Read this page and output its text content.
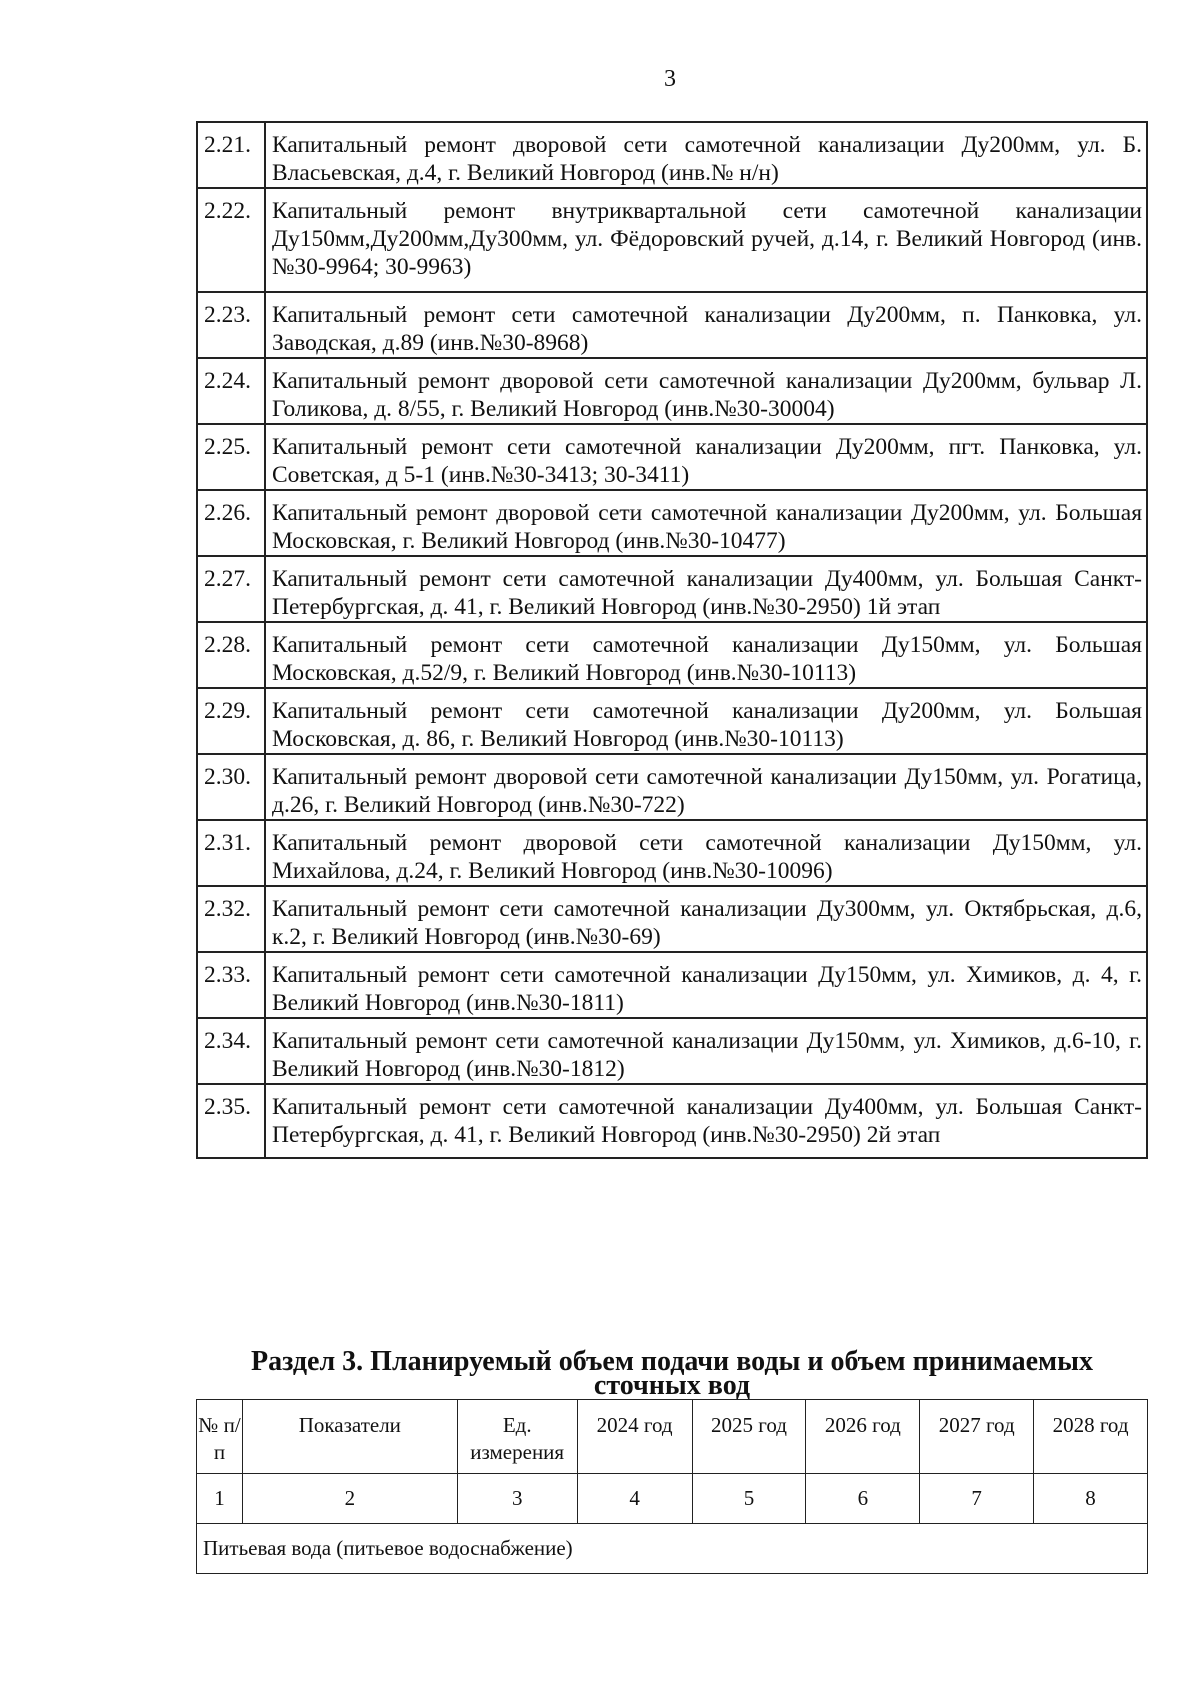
3
2.21.	Капитальный ремонт дворовой сети самотечной канализации Ду200мм, ул. Б. Власьевская, д.4, г. Великий Новгород (инв.№ н/н)
2.22.	Капитальный ремонт внутриквартальной сети самотечной канализации Ду150мм,Ду200мм,Ду300мм, ул. Фёдоровский ручей, д.14, г. Великий Новгород (инв.№30-9964; 30-9963)
2.23.	Капитальный ремонт сети самотечной канализации Ду200мм, п. Панковка, ул. Заводская, д.89 (инв.№30-8968)
2.24.	Капитальный ремонт дворовой сети самотечной канализации Ду200мм, бульвар Л. Голикова, д. 8/55, г. Великий Новгород (инв.№30-30004)
2.25.	Капитальный ремонт сети самотечной канализации Ду200мм, пгт. Панковка, ул. Советская, д 5-1 (инв.№30-3413; 30-3411)
2.26.	Капитальный ремонт дворовой сети самотечной канализации Ду200мм, ул. Большая Московская, г. Великий Новгород (инв.№30-10477)
2.27.	Капитальный ремонт сети самотечной канализации Ду400мм, ул. Большая Санкт-Петербургская, д. 41, г. Великий Новгород (инв.№30-2950) 1й этап
2.28.	Капитальный ремонт сети самотечной канализации Ду150мм, ул. Большая Московская, д.52/9, г. Великий Новгород (инв.№30-10113)
2.29.	Капитальный ремонт сети самотечной канализации Ду200мм, ул. Большая Московская, д. 86, г. Великий Новгород (инв.№30-10113)
2.30.	Капитальный ремонт дворовой сети самотечной канализации Ду150мм, ул. Рогатица, д.26, г. Великий Новгород (инв.№30-722)
2.31.	Капитальный ремонт дворовой сети самотечной канализации Ду150мм, ул. Михайлова, д.24, г. Великий Новгород (инв.№30-10096)
2.32.	Капитальный ремонт сети самотечной канализации Ду300мм, ул. Октябрьская, д.6, к.2, г. Великий Новгород (инв.№30-69)
2.33.	Капитальный ремонт сети самотечной канализации Ду150мм, ул. Химиков, д. 4, г. Великий Новгород (инв.№30-1811)
2.34.	Капитальный ремонт сети самотечной канализации Ду150мм, ул. Химиков, д.6-10, г. Великий Новгород (инв.№30-1812)
2.35.	Капитальный ремонт сети самотечной канализации Ду400мм, ул. Большая Санкт-Петербургская, д. 41, г. Великий Новгород (инв.№30-2950) 2й этап
Раздел 3. Планируемый объем подачи воды и объем принимаемых сточных вод
№ п/п	Показатели	Ед. измерения	2024 год	2025 год	2026 год	2027 год	2028 год
1	2	3	4	5	6	7	8
Питьевая вода (питьевое водоснабжение)							
